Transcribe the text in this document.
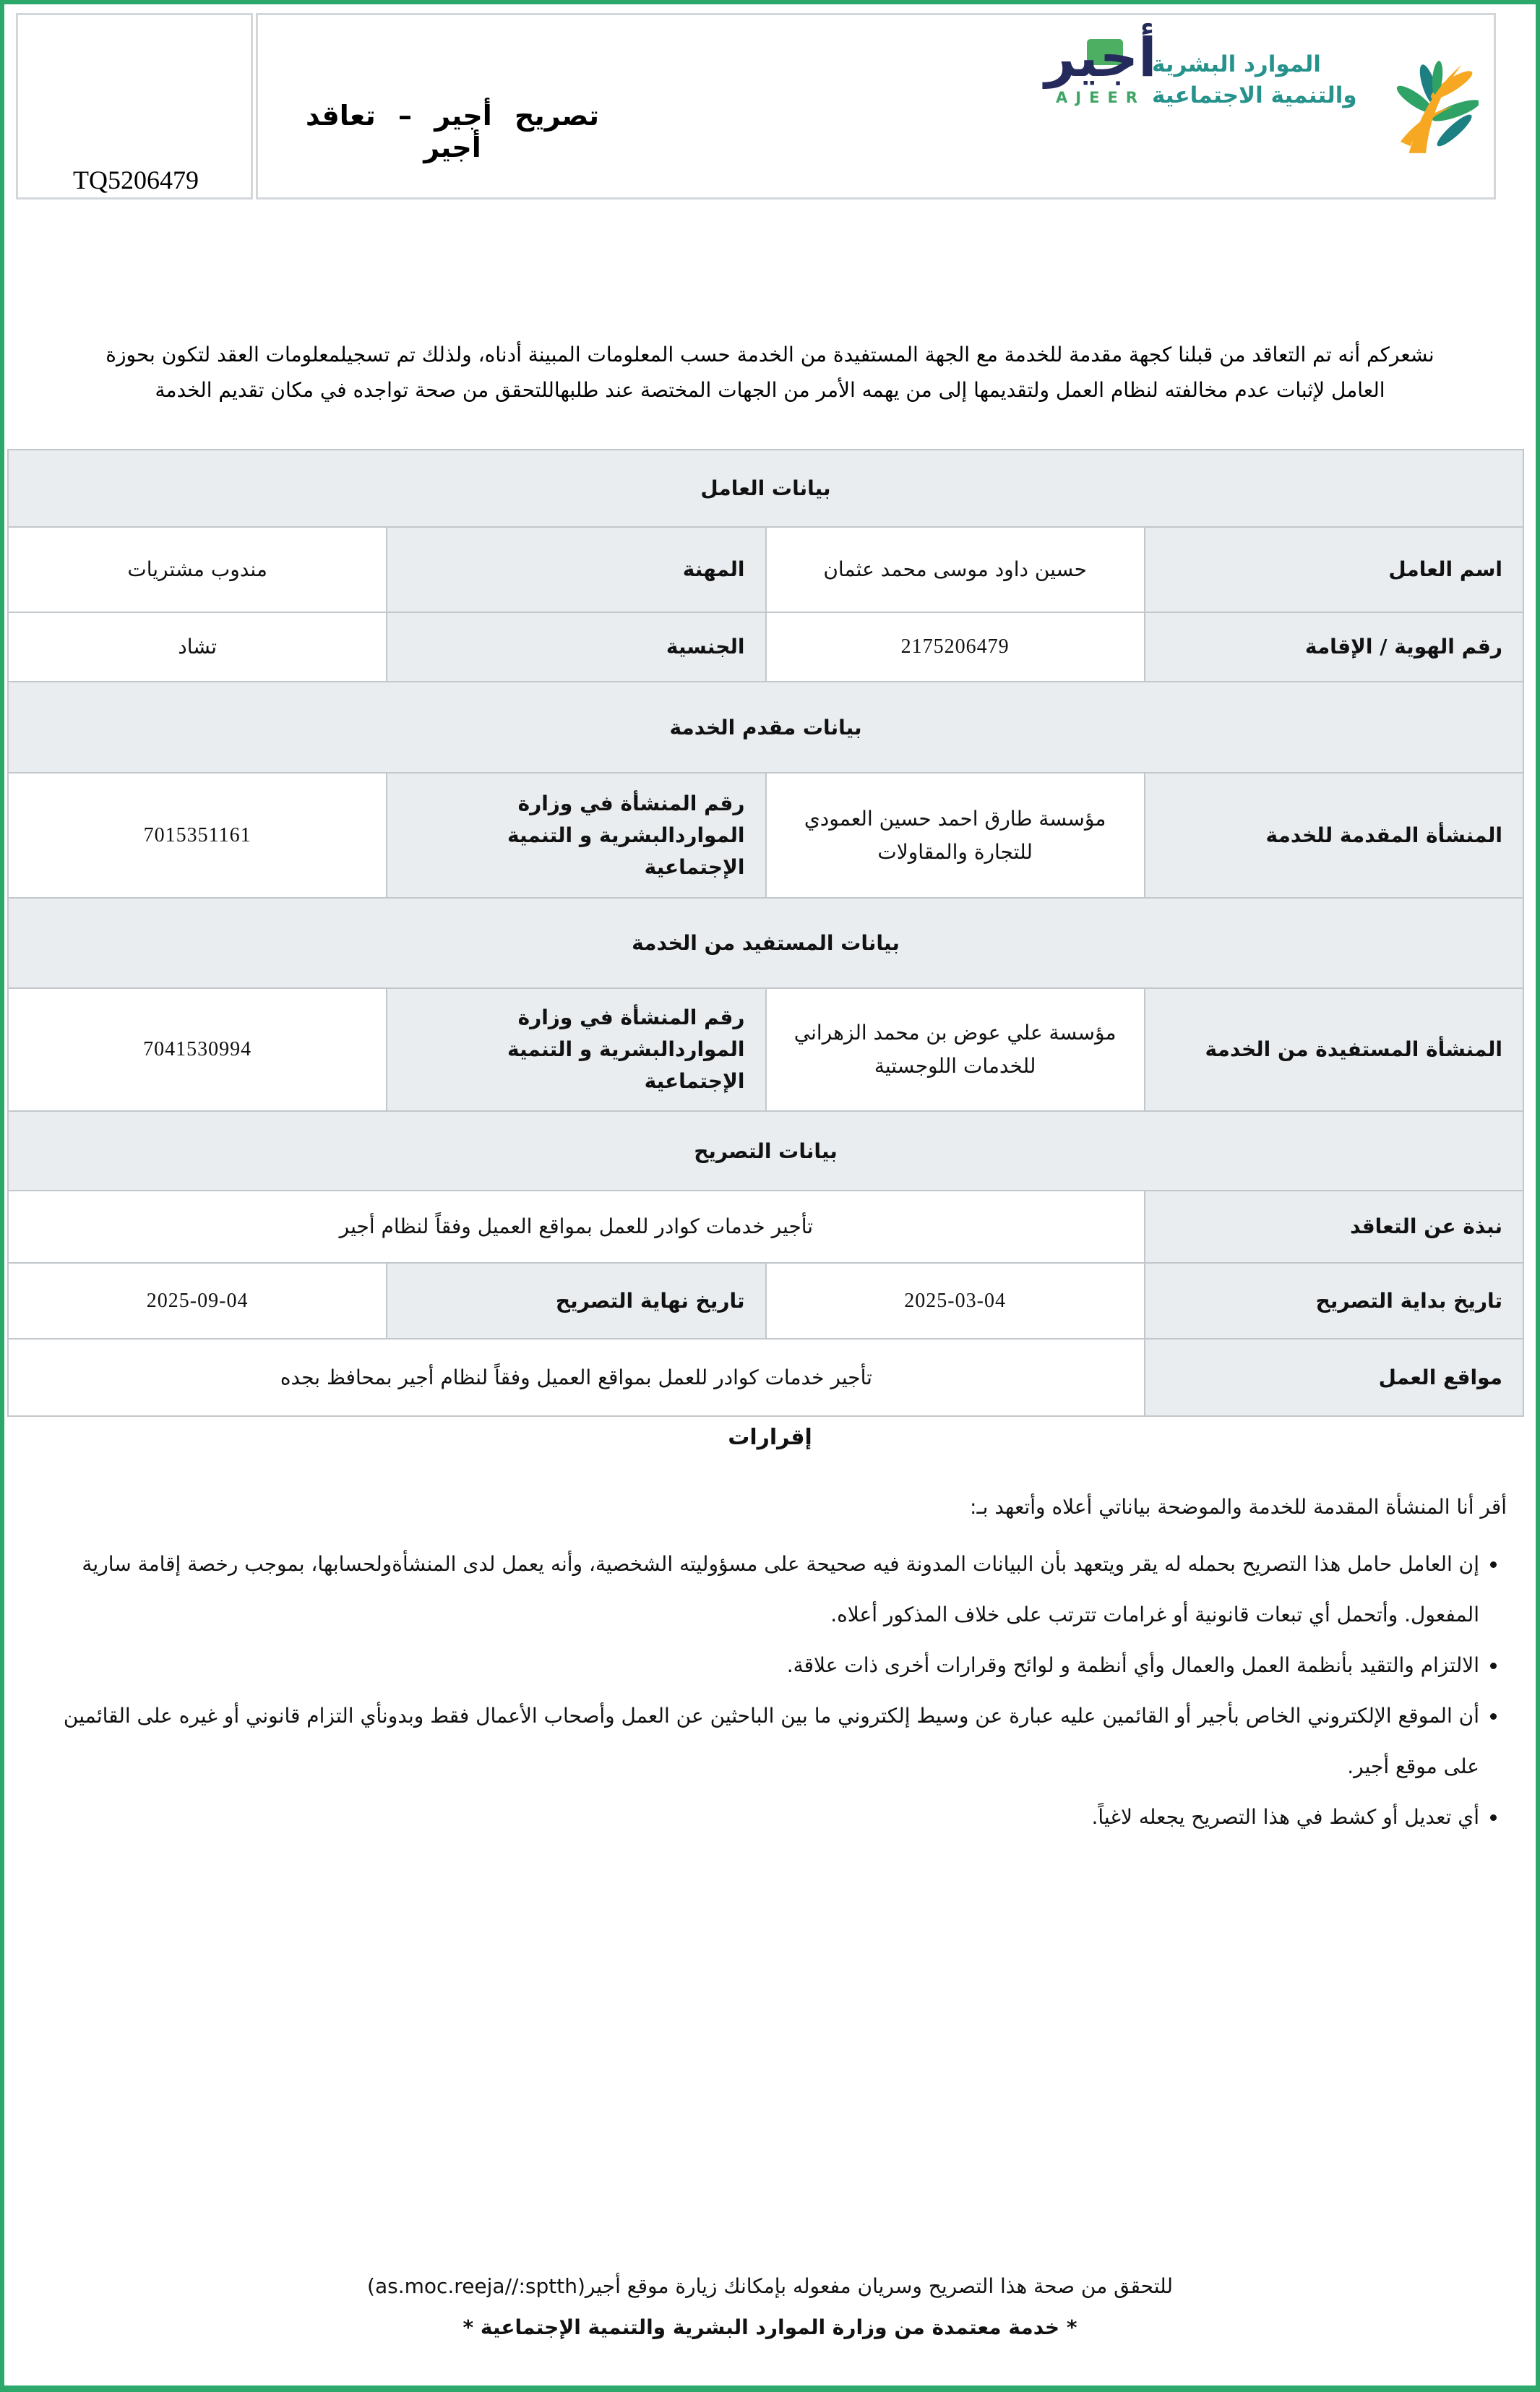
TQ5206479
تصريح أجير – تعاقد أجير
أجير
AJEER
الموارد البشرية
والتنمية الاجتماعية
نشعركم أنه تم التعاقد من قبلنا كجهة مقدمة للخدمة مع الجهة المستفيدة من الخدمة حسب المعلومات المبينة أدناه، ولذلك تم تسجيلمعلومات العقد لتكون بحوزة
العامل لإثبات عدم مخالفته لنظام العمل ولتقديمها إلى من يهمه الأمر من الجهات المختصة عند طلبهاللتحقق من صحة تواجده في مكان تقديم الخدمة
بيانات العامل			
اسم العامل	حسين داود موسى محمد عثمان	المهنة	مندوب مشتريات
رقم الهوية / الإقامة	2175206479	الجنسية	تشاد
بيانات مقدم الخدمة			
المنشأة المقدمة للخدمة	مؤسسة طارق احمد حسين العمودي للتجارة والمقاولات	رقم المنشأة في وزارة المواردالبشرية و التنمية الإجتماعية	7015351161
بيانات المستفيد من الخدمة			
المنشأة المستفيدة من الخدمة	مؤسسة علي عوض بن محمد الزهراني للخدمات اللوجستية	رقم المنشأة في وزارة المواردالبشرية و التنمية الإجتماعية	7041530994
بيانات التصريح			
نبذة عن التعاقد	تأجير خدمات كوادر للعمل بمواقع العميل وفقاً لنظام أجير		
تاريخ بداية التصريح	2025-03-04	تاريخ نهاية التصريح	2025-09-04
مواقع العمل	تأجير خدمات كوادر للعمل بمواقع العميل وفقاً لنظام أجير بمحافظ بجده		

إقرارات

أقر أنا المنشأة المقدمة للخدمة والموضحة بياناتي أعلاه وأتعهد بـ:

• إن العامل حامل هذا التصريح بحمله له يقر ويتعهد بأن البيانات المدونة فيه صحيحة على مسؤوليته الشخصية، وأنه يعمل لدى المنشأةولحسابها، بموجب رخصة إقامة سارية المفعول. وأتحمل أي تبعات قانونية أو غرامات تترتب على خلاف المذكور أعلاه.
• الالتزام والتقيد بأنظمة العمل والعمال وأي أنظمة و لوائح وقرارات أخرى ذات علاقة.
• أن الموقع الإلكتروني الخاص بأجير أو القائمين عليه عبارة عن وسيط إلكتروني ما بين الباحثين عن العمل وأصحاب الأعمال فقط وبدونأي التزام قانوني أو غيره على القائمين على موقع أجير.
• أي تعديل أو كشط في هذا التصريح يجعله لاغياً.
للتحقق من صحة هذا التصريح وسريان مفعوله بإمكانك زيارة موقع أجير(as.moc.reeja//:sptth)
* خدمة معتمدة من وزارة الموارد البشرية والتنمية الإجتماعية *
